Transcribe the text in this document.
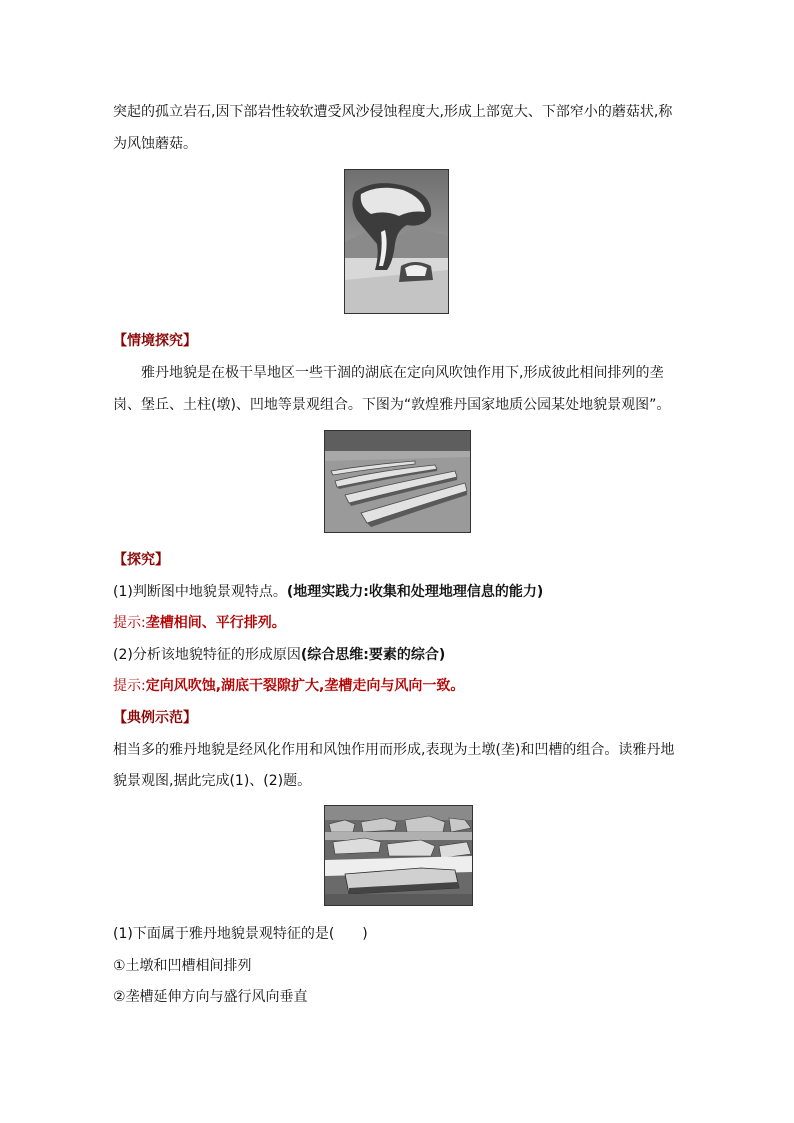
突起的孤立岩石,因下部岩性较软遭受风沙侵蚀程度大,形成上部宽大、下部窄小的蘑菇状,称
为风蚀蘑菇。
【情境探究】
雅丹地貌是在极干旱地区一些干涸的湖底在定向风吹蚀作用下,形成彼此相间排列的垄
岗、堡丘、土柱(墩)、凹地等景观组合。下图为“敦煌雅丹国家地质公园某处地貌景观图”。
【探究】
(1)判断图中地貌景观特点。(地理实践力:收集和处理地理信息的能力)
提示:垄槽相间、平行排列。
(2)分析该地貌特征的形成原因(综合思维:要素的综合)
提示:定向风吹蚀,湖底干裂隙扩大,垄槽走向与风向一致。
【典例示范】
相当多的雅丹地貌是经风化作用和风蚀作用而形成,表现为土墩(垄)和凹槽的组合。读雅丹地
貌景观图,据此完成(1)、(2)题。
(1)下面属于雅丹地貌景观特征的是(　　)
①土墩和凹槽相间排列
②垄槽延伸方向与盛行风向垂直
